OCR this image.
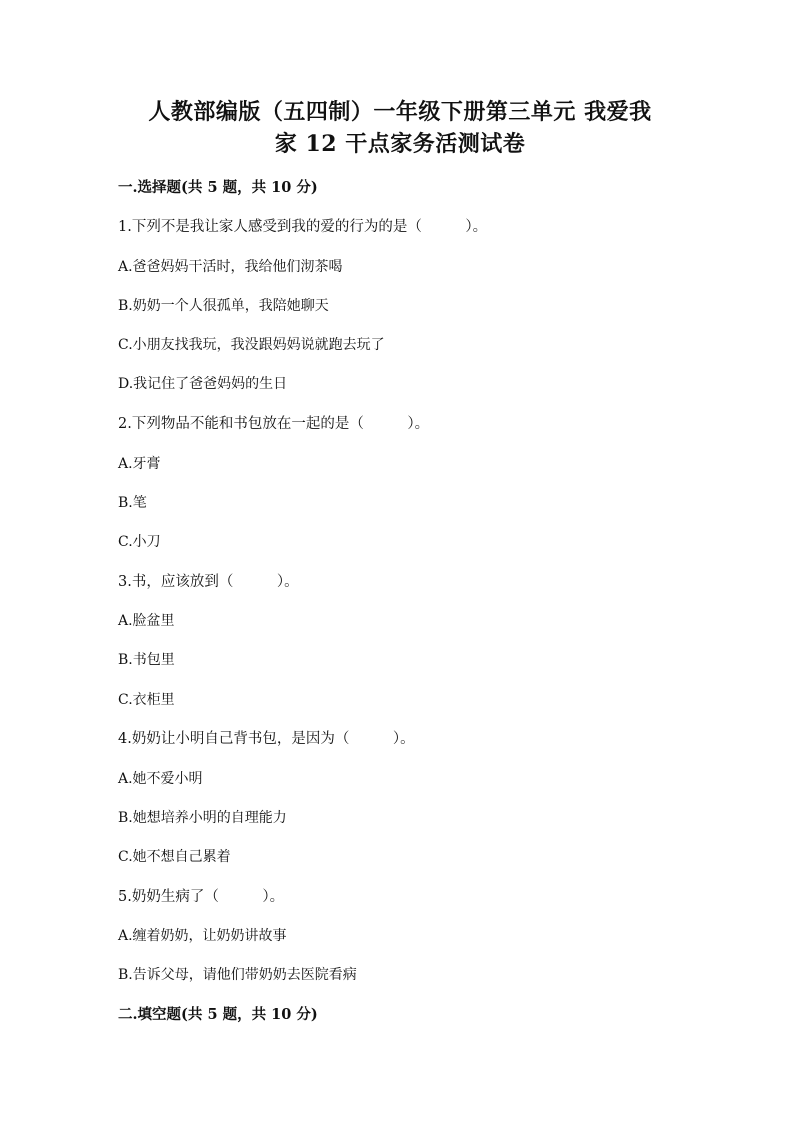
人教部编版（五四制）一年级下册第三单元 我爱我
家 12 干点家务活测试卷
一.选择题(共 5 题，共 10 分)
1.下列不是我让家人感受到我的爱的行为的是（　　　）。
A.爸爸妈妈干活时，我给他们沏茶喝
B.奶奶一个人很孤单，我陪她聊天
C.小朋友找我玩，我没跟妈妈说就跑去玩了
D.我记住了爸爸妈妈的生日
2.下列物品不能和书包放在一起的是（　　　）。
A.牙膏
B.笔
C.小刀
3.书，应该放到（　　　）。
A.脸盆里
B.书包里
C.衣柜里
4.奶奶让小明自己背书包，是因为（　　　）。
A.她不爱小明
B.她想培养小明的自理能力
C.她不想自己累着
5.奶奶生病了（　　　）。
A.缠着奶奶，让奶奶讲故事
B.告诉父母，请他们带奶奶去医院看病
二.填空题(共 5 题，共 10 分)
